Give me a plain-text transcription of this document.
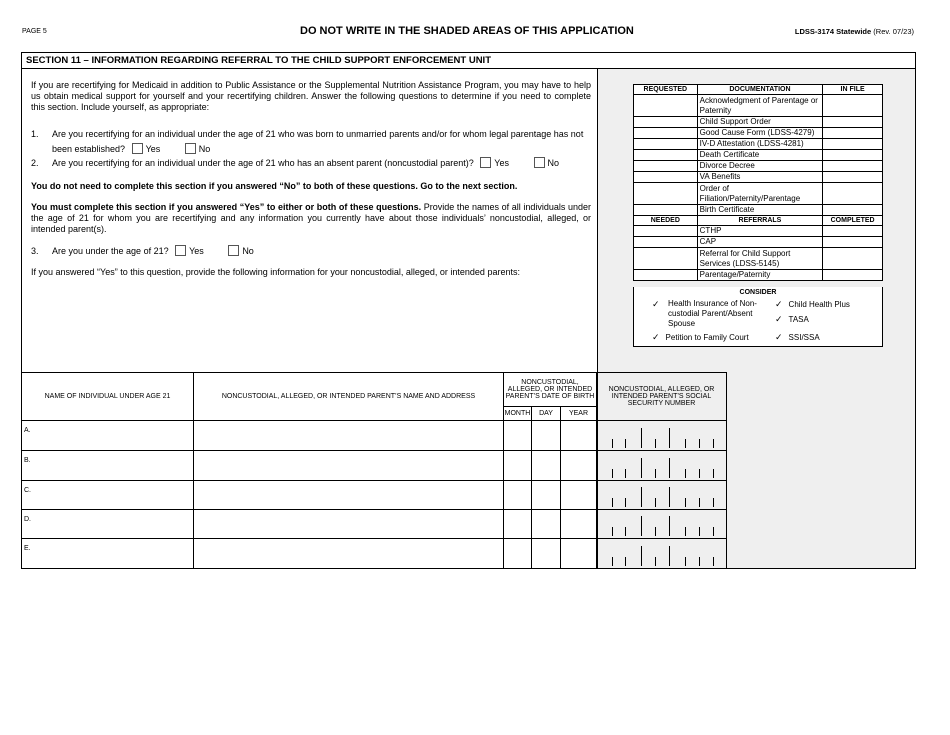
PAGE 5	DO NOT WRITE IN THE SHADED AREAS OF THIS APPLICATION	LDSS-3174 Statewide (Rev. 07/23)
SECTION 11 – INFORMATION REGARDING REFERRAL TO THE CHILD SUPPORT ENFORCEMENT UNIT
If you are recertifying for Medicaid in addition to Public Assistance or the Supplemental Nutrition Assistance Program, you may have to help us obtain medical support for yourself and your recertifying children. Answer the following questions to determine if you need to complete this section. Include yourself, as appropriate:
1. Are you recertifying for an individual under the age of 21 who was born to unmarried parents and/or for whom legal parentage has not
been established? Yes	No
2. Are you recertifying for an individual under the age of 21 who has an absent parent (noncustodial parent)? Yes	No
You do not need to complete this section if you answered “No” to both of these questions. Go to the next section.
You must complete this section if you answered “Yes” to either or both of these questions. Provide the names of all individuals under the age of 21 for whom you are recertifying and any information you currently have about those individuals’ noncustodial, alleged, or intended parent(s).
3. Are you under the age of 21? Yes	No
If you answered “Yes” to this question, provide the following information for your noncustodial, alleged, or intended parents:
REQUESTED	DOCUMENTATION	IN FILE
	Acknowledgment of Parentage or Paternity	
	Child Support Order	
	Good Cause Form (LDSS-4279)	
	IV-D Attestation (LDSS-4281)	
	Death Certificate	
	Divorce Decree	
	VA Benefits	
	Order of Filiation/Paternity/Parentage	
	Birth Certificate	
NEEDED	REFERRALS	COMPLETED
	CTHP	
	CAP	
	Referral for Child Support Services (LDSS-5145)	
	Parentage/Paternity	
CONSIDER
✓	Health Insurance of Non-custodial Parent/Absent Spouse
✓ Child Health Plus
✓ TASA
✓ Petition to Family Court	✓ SSI/SSA
NAME OF INDIVIDUAL UNDER AGE 21	NONCUSTODIAL, ALLEGED, OR INTENDED PARENT’S NAME AND ADDRESS	NONCUSTODIAL, ALLEGED, OR INTENDED PARENT’S DATE OF BIRTH			NONCUSTODIAL, ALLEGED, OR INTENDED PARENT’S SOCIAL SECURITY NUMBER
		MONTH	DAY	YEAR	
A.					

B.					

C.					

D.					

E.					
